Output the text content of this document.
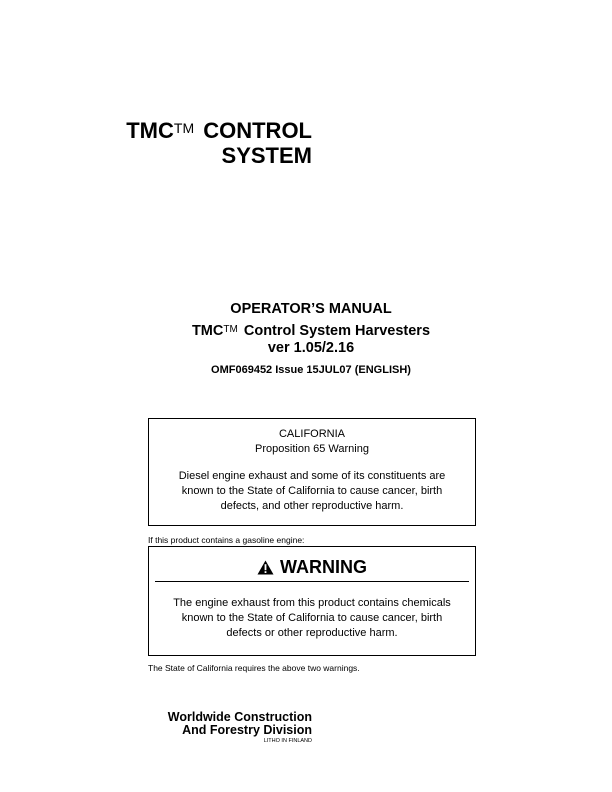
TMC™ CONTROL
SYSTEM
OPERATOR’S MANUAL
TMC™ Control System Harvesters
ver 1.05/2.16
OMF069452 Issue 15JUL07 (ENGLISH)
CALIFORNIA
Proposition 65 Warning
Diesel engine exhaust and some of its constituents are
known to the State of California to cause cancer, birth
defects, and other reproductive harm.
If this product contains a gasoline engine:
WARNING
The engine exhaust from this product contains chemicals
known to the State of California to cause cancer, birth
defects or other reproductive harm.
The State of California requires the above two warnings.
Worldwide Construction
And Forestry Division
LITHO IN FINLAND
